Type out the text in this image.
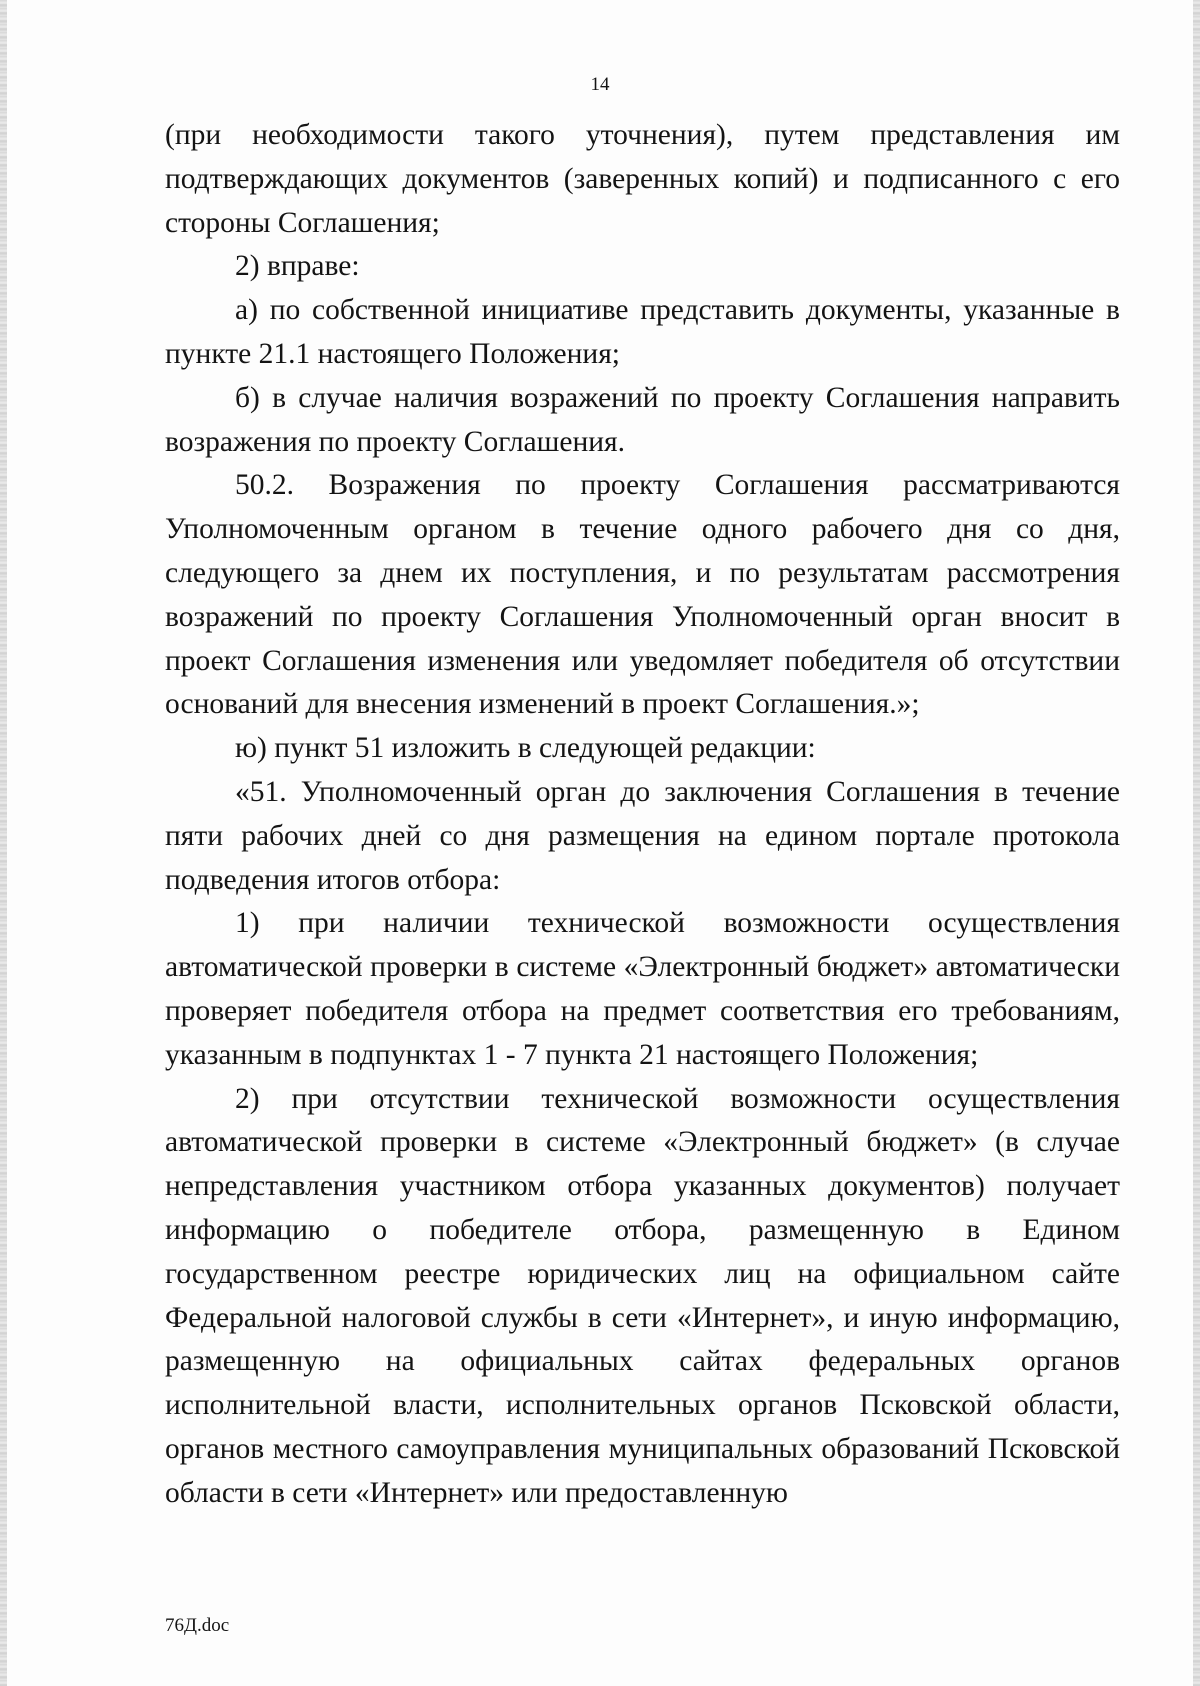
14

(при необходимости такого уточнения), путем представления им подтверждающих документов (заверенных копий) и подписанного с его стороны Соглашения;

2) вправе:

а) по собственной инициативе представить документы, указанные в пункте 21.1 настоящего Положения;

б) в случае наличия возражений по проекту Соглашения направить возражения по проекту Соглашения.

50.2. Возражения по проекту Соглашения рассматриваются Уполномоченным органом в течение одного рабочего дня со дня, следующего за днем их поступления, и по результатам рассмотрения возражений по проекту Соглашения Уполномоченный орган вносит в проект Соглашения изменения или уведомляет победителя об отсутствии оснований для внесения изменений в проект Соглашения.»;

ю) пункт 51 изложить в следующей редакции:

«51. Уполномоченный орган до заключения Соглашения в течение пяти рабочих дней со дня размещения на едином портале протокола подведения итогов отбора:

1) при наличии технической возможности осуществления автоматической проверки в системе «Электронный бюджет» автоматически проверяет победителя отбора на предмет соответствия его требованиям, указанным в подпунктах 1 - 7 пункта 21 настоящего Положения;

2) при отсутствии технической возможности осуществления автоматической проверки в системе «Электронный бюджет» (в случае непредставления участником отбора указанных документов) получает информацию о победителе отбора, размещенную в Едином государственном реестре юридических лиц на официальном сайте Федеральной налоговой службы в сети «Интернет», и иную информацию, размещенную на официальных сайтах федеральных органов исполнительной власти, исполнительных органов Псковской области, органов местного самоуправления муниципальных образований Псковской области в сети «Интернет» или предоставленную

76Д.doc
